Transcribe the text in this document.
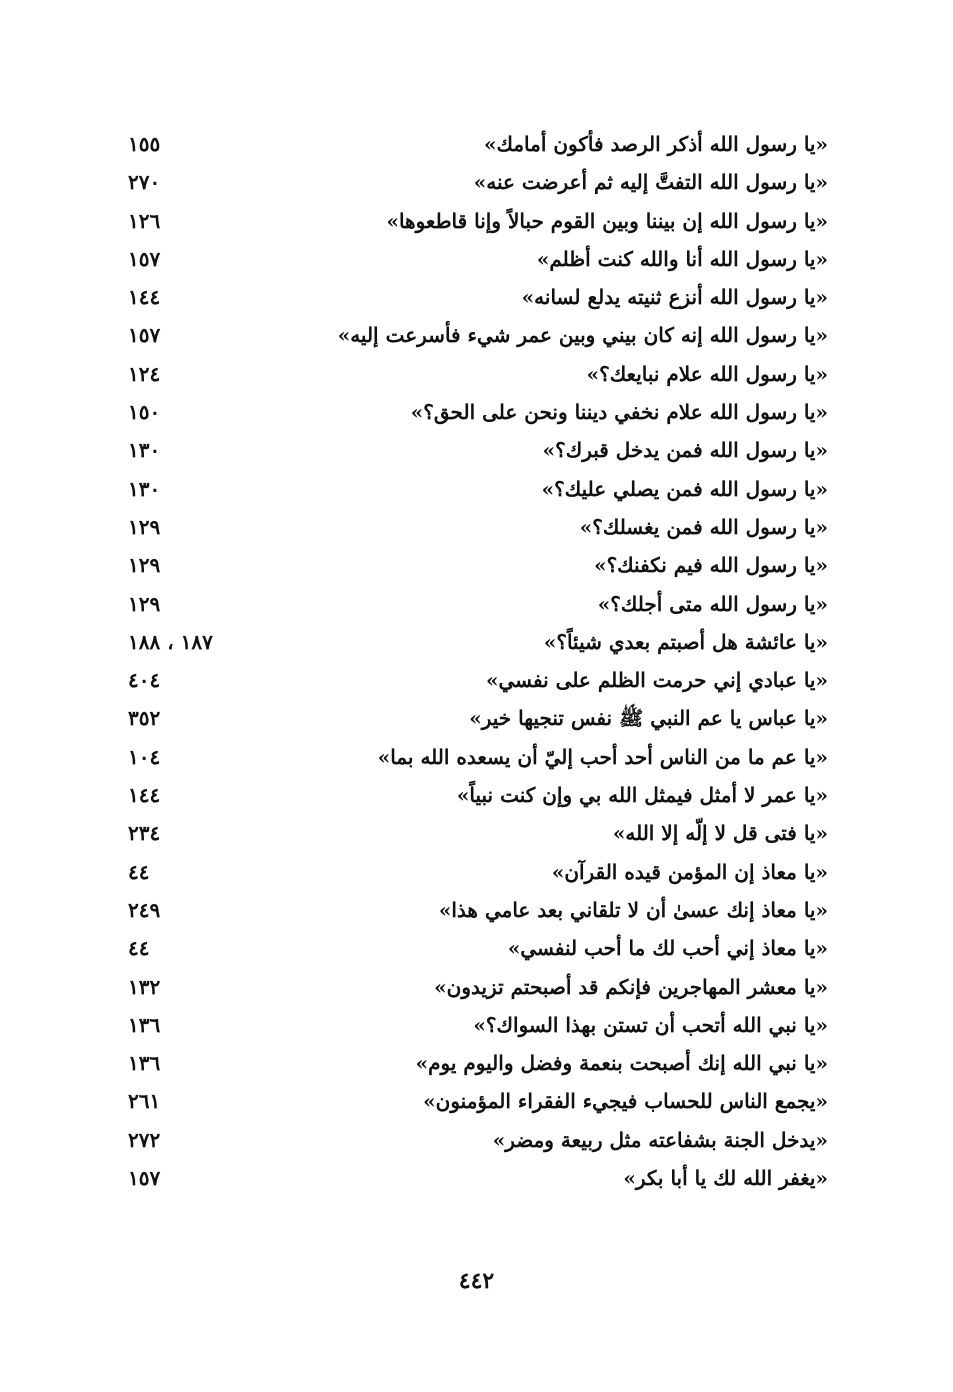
«يا رسول الله أذكر الرصد فأكون أمامك»
١٥٥
«يا رسول الله التفتَّ إليه ثم أعرضت عنه»
٢٧٠
«يا رسول الله إن بيننا وبين القوم حبالاً وإنا قاطعوها»
١٢٦
«يا رسول الله أنا والله كنت أظلم»
١٥٧
«يا رسول الله أنزع ثنيته يدلع لسانه»
١٤٤
«يا رسول الله إنه كان بيني وبين عمر شيء فأسرعت إليه»
١٥٧
«يا رسول الله علام نبايعك؟»
١٢٤
«يا رسول الله علام نخفي ديننا ونحن على الحق؟»
١٥٠
«يا رسول الله فمن يدخل قبرك؟»
١٣٠
«يا رسول الله فمن يصلي عليك؟»
١٣٠
«يا رسول الله فمن يغسلك؟»
١٢٩
«يا رسول الله فيم نكفنك؟»
١٢٩
«يا رسول الله متى أجلك؟»
١٢٩
«يا عائشة هل أصبتم بعدي شيئاً؟»
١٨٧ ، ١٨٨
«يا عبادي إني حرمت الظلم على نفسي»
٤٠٤
«يا عباس يا عم النبي ﷺ نفس تنجيها خير»
٣٥٢
«يا عم ما من الناس أحد أحب إليّ أن يسعده الله بما»
١٠٤
«يا عمر لا أمثل فيمثل الله بي وإن كنت نبياً»
١٤٤
«يا فتى قل لا إلّه إلا الله»
٢٣٤
«يا معاذ إن المؤمن قيده القرآن»
٤٤
«يا معاذ إنك عسىٰ أن لا تلقاني بعد عامي هذا»
٢٤٩
«يا معاذ إني أحب لك ما أحب لنفسي»
٤٤
«يا معشر المهاجرين فإنكم قد أصبحتم تزيدون»
١٣٢
«يا نبي الله أتحب أن تستن بهذا السواك؟»
١٣٦
«يا نبي الله إنك أصبحت بنعمة وفضل واليوم يوم»
١٣٦
«يجمع الناس للحساب فيجيء الفقراء المؤمنون»
٢٦١
«يدخل الجنة بشفاعته مثل ربيعة ومضر»
٢٧٢
«يغفر الله لك يا أبا بكر»
١٥٧
٤٤٢
